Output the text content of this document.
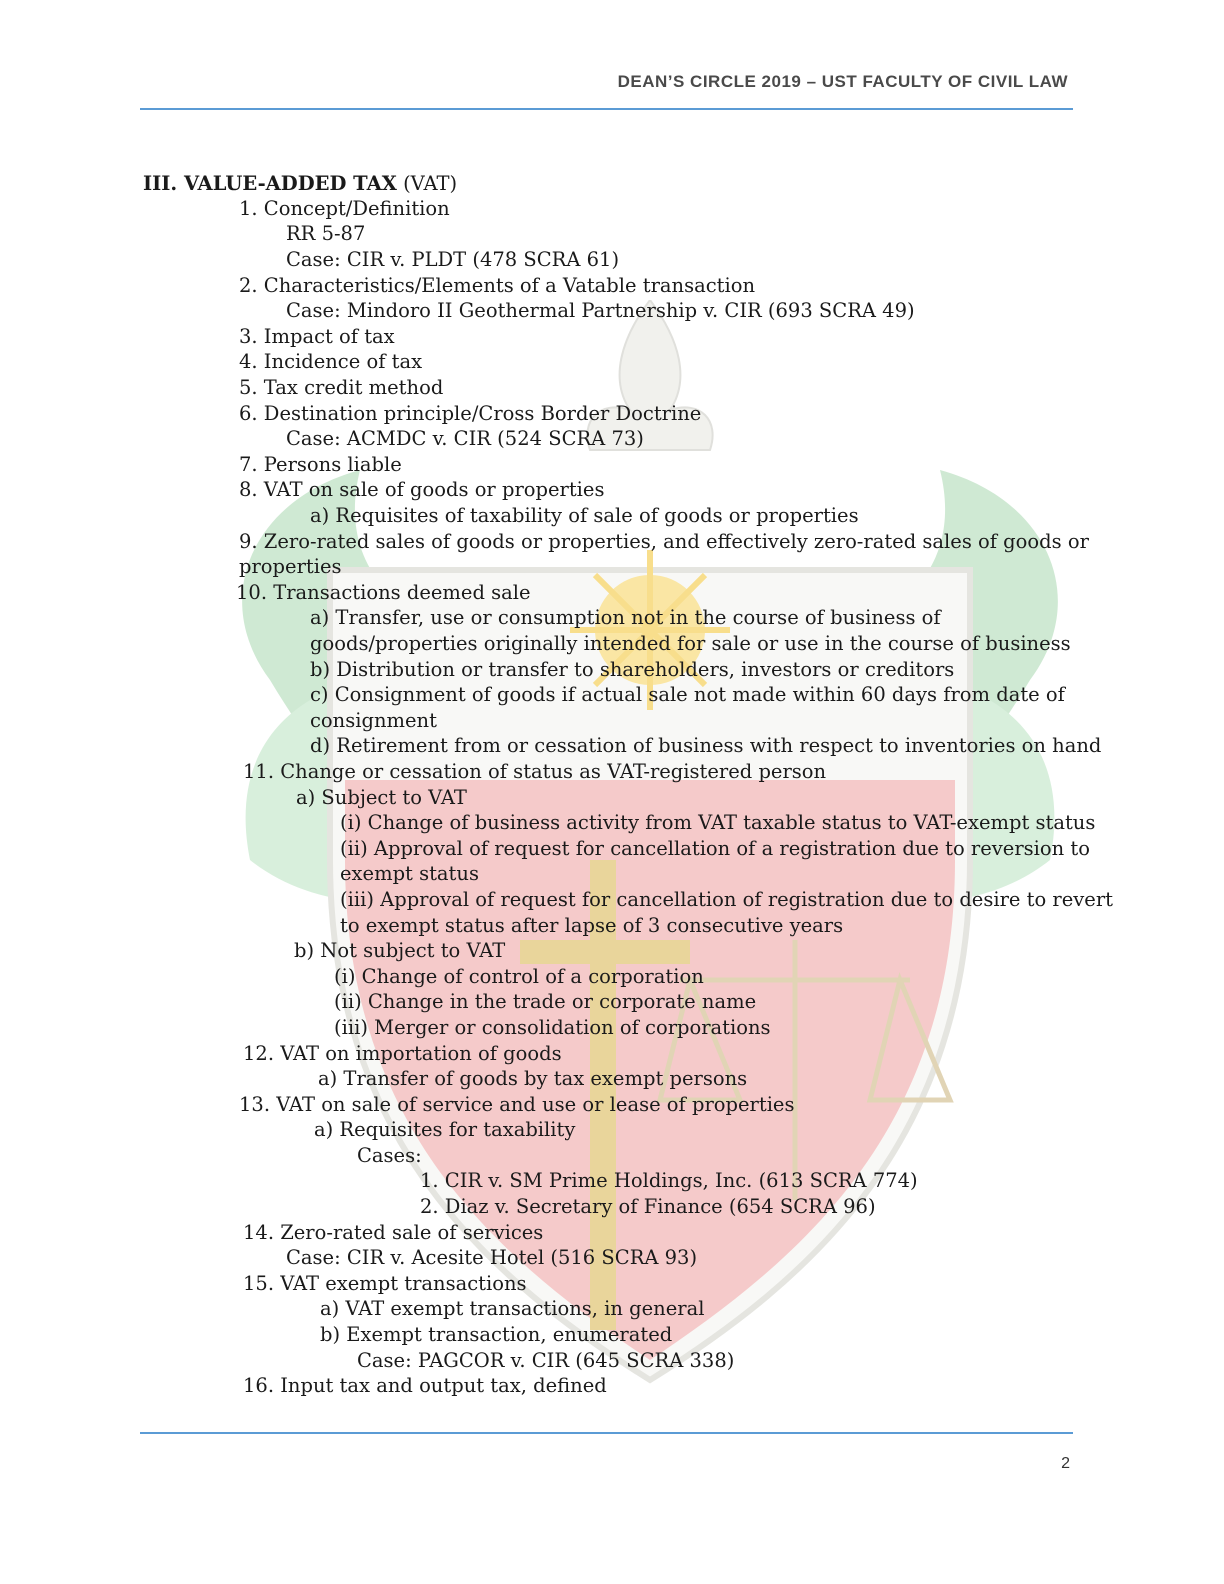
DEAN’S CIRCLE 2019 – UST FACULTY OF CIVIL LAW
III. VALUE-ADDED TAX (VAT)
1. Concept/Definition
RR 5-87
Case: CIR v. PLDT (478 SCRA 61)
2. Characteristics/Elements of a Vatable transaction
Case: Mindoro II Geothermal Partnership v. CIR (693 SCRA 49)
3. Impact of tax
4. Incidence of tax
5. Tax credit method
6. Destination principle/Cross Border Doctrine
Case: ACMDC v. CIR (524 SCRA 73)
7. Persons liable
8. VAT on sale of goods or properties
a) Requisites of taxability of sale of goods or properties
9. Zero-rated sales of goods or properties, and effectively zero-rated sales of goods or
properties
10. Transactions deemed sale
a) Transfer, use or consumption not in the course of business of
goods/properties originally intended for sale or use in the course of business
b) Distribution or transfer to shareholders, investors or creditors
c) Consignment of goods if actual sale not made within 60 days from date of
consignment
d) Retirement from or cessation of business with respect to inventories on hand
11. Change or cessation of status as VAT-registered person
a) Subject to VAT
(i) Change of business activity from VAT taxable status to VAT-exempt status
(ii) Approval of request for cancellation of a registration due to reversion to
exempt status
(iii) Approval of request for cancellation of registration due to desire to revert
to exempt status after lapse of 3 consecutive years
b) Not subject to VAT
(i) Change of control of a corporation
(ii) Change in the trade or corporate name
(iii) Merger or consolidation of corporations
12. VAT on importation of goods
a) Transfer of goods by tax exempt persons
13. VAT on sale of service and use or lease of properties
a) Requisites for taxability
Cases:
1. CIR v. SM Prime Holdings, Inc. (613 SCRA 774)
2. Diaz v. Secretary of Finance (654 SCRA 96)
14. Zero-rated sale of services
Case: CIR v. Acesite Hotel (516 SCRA 93)
15. VAT exempt transactions
a) VAT exempt transactions, in general
b) Exempt transaction, enumerated
Case: PAGCOR v. CIR (645 SCRA 338)
16. Input tax and output tax, defined
2
